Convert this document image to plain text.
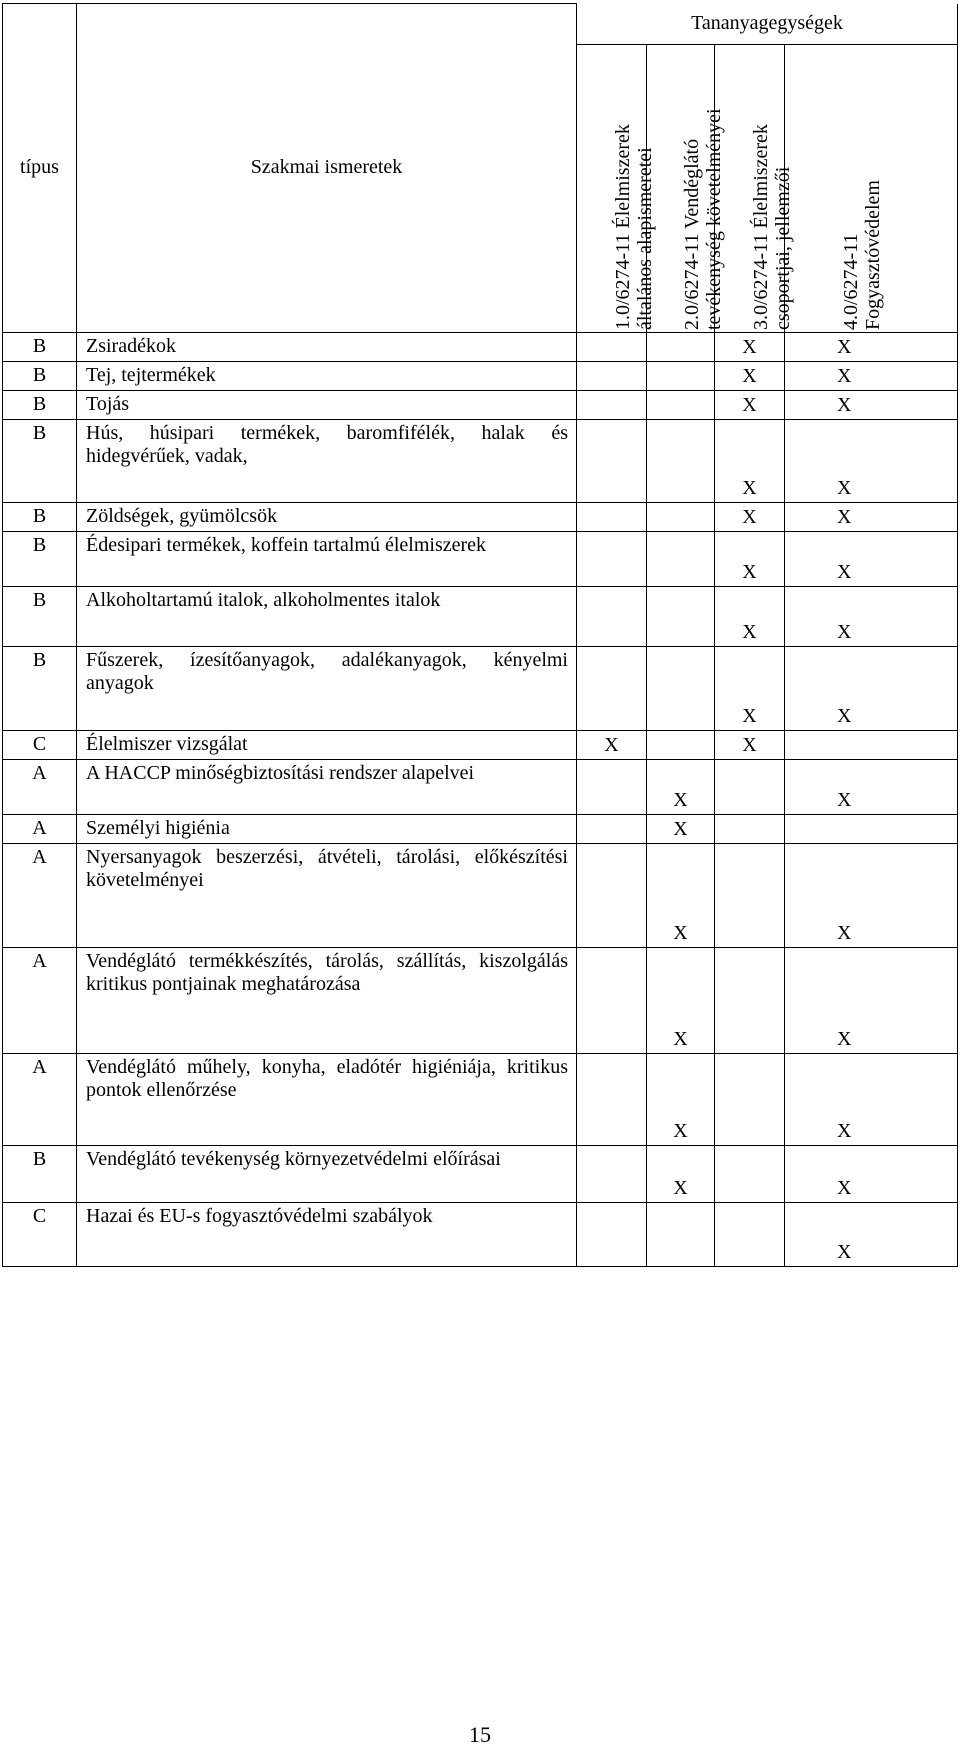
típus	Szakmai ismeretek	Tananyagegységek			

		1.0/6274-11 Élelmiszerek általános alapismeretei	2.0/6274-11 Vendéglátó tevékenység követelményei	3.0/6274-11 Élelmiszerek csoportjai, jellemzői	4.0/6274-11 Fogyasztóvédelem

B	Zsiradékok			X	X
B	Tej, tejtermékek			X	X
B	Tojás			X	X
B	Hús, húsipari termékek, baromfifélék, halak és hidegvérűek, vadak,			X	X
B	Zöldségek, gyümölcsök			X	X
B	Édesipari termékek, koffein tartalmú élelmiszerek			X	X
B	Alkoholtartamú italok, alkoholmentes italok			X	X
B	Fűszerek, ízesítőanyagok, adalékanyagok, kényelmi anyagok			X	X
C	Élelmiszer vizsgálat	X		X	
A	A HACCP minőségbiztosítási rendszer alapelvei		X		X
A	Személyi higiénia		X		
A	Nyersanyagok beszerzési, átvételi, tárolási, előkészítési követelményei		X		X
A	Vendéglátó termékkészítés, tárolás, szállítás, kiszolgálás kritikus pontjainak meghatározása		X		X
A	Vendéglátó műhely, konyha, eladótér higiéniája, kritikus pontok ellenőrzése		X		X
B	Vendéglátó tevékenység környezetvédelmi előírásai		X		X
C	Hazai és EU-s fogyasztóvédelmi szabályok				X
15
